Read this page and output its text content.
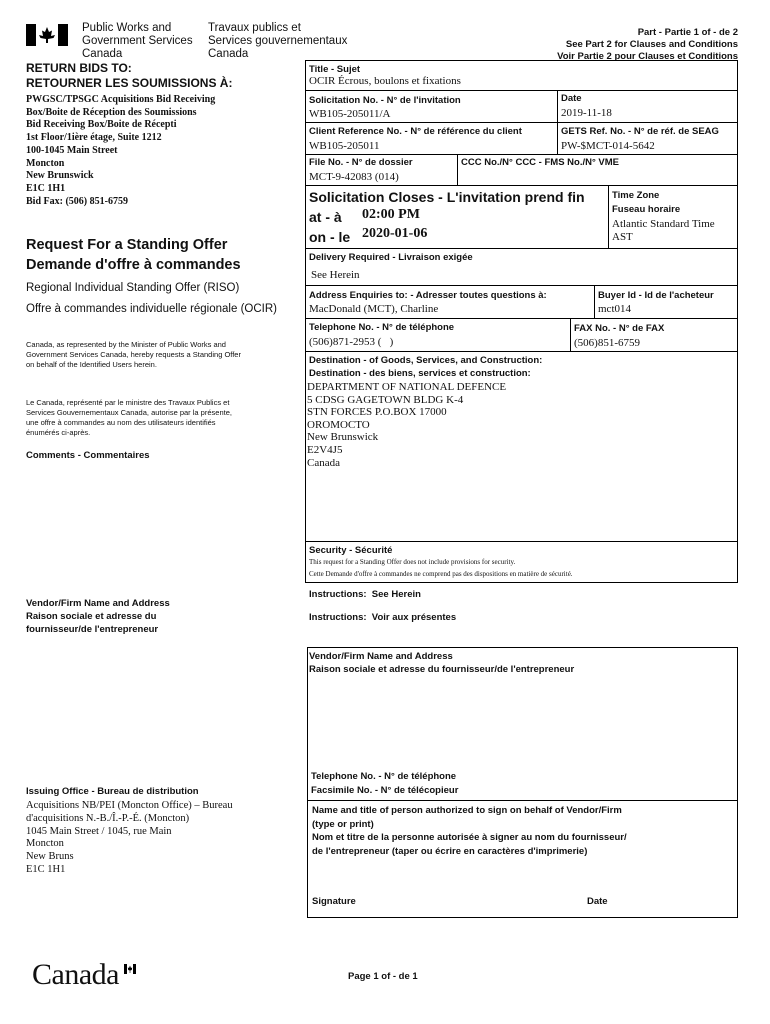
Public Works and
Government Services
Canada
Travaux publics et
Services gouvernementaux
Canada
Part - Partie 1 of - de 2
See Part 2 for Clauses and Conditions
Voir Partie 2 pour Clauses et Conditions
RETURN BIDS TO:
RETOURNER LES SOUMISSIONS À:
PWGSC/TPSGC Acquisitions Bid Receiving
Box/Boite de Réception des Soumissions
Bid Receiving Box/Boite de Récepti
1st Floor/1ière étage, Suite 1212
100-1045 Main Street
Moncton
New Brunswick
E1C 1H1
Bid Fax: (506) 851-6759
Request For a Standing Offer
Demande d'offre à commandes
Regional Individual Standing Offer (RISO)
Offre à commandes individuelle régionale (OCIR)
Canada, as represented by the Minister of Public Works and
Government Services Canada, hereby requests a Standing Offer
on behalf of the Identified Users herein.
Le Canada, représenté par le ministre des Travaux Publics et
Services Gouvernementaux Canada, autorise par la présente,
une offre à commandes au nom des utilisateurs identifiés
énumérés ci-après.
Comments - Commentaires
Vendor/Firm Name and Address
Raison sociale et adresse du
fournisseur/de l'entrepreneur
Issuing Office - Bureau de distribution
Acquisitions NB/PEI (Moncton Office) – Bureau
d'acquisitions N.-B./Î.-P.-É. (Moncton)
1045 Main Street / 1045, rue Main
Moncton
New Bruns
E1C 1H1
Title - Sujet
OCIR Écrous, boulons et fixations
Solicitation No. - N° de l'invitation
WB105-205011/A
Date
2019-11-18
Client Reference No. - N° de référence du client
WB105-205011
GETS Ref. No. - N° de réf. de SEAG
PW-$MCT-014-5642
File No. - N° de dossier
MCT-9-42083 (014)
CCC No./N° CCC - FMS No./N° VME
Solicitation Closes - L'invitation prend fin
at - à 02:00 PM
on - le 2020-01-06
Time Zone
Fuseau horaire
Atlantic Standard Time
AST
Delivery Required - Livraison exigée
See Herein
Address Enquiries to: - Adresser toutes questions à:
MacDonald (MCT), Charline
Buyer Id - Id de l'acheteur
mct014
Telephone No. - N° de téléphone
(506)871-2953 (   )
FAX No. - N° de FAX
(506)851-6759
Destination - of Goods, Services, and Construction:
Destination - des biens, services et construction:
DEPARTMENT OF NATIONAL DEFENCE
5 CDSG GAGETOWN BLDG K-4
STN FORCES P.O.BOX 17000
OROMOCTO
New Brunswick
E2V4J5
Canada
Security - Sécurité
This request for a Standing Offer does not include provisions for security.
Cette Demande d'offre à commandes ne comprend pas des dispositions en matière de sécurité.
Instructions:  See Herein
Instructions:  Voir aux présentes
Vendor/Firm Name and Address
Raison sociale et adresse du fournisseur/de l'entrepreneur
Telephone No. - N° de téléphone
Facsimile No. - N° de télécopieur
Name and title of person authorized to sign on behalf of Vendor/Firm
(type or print)
Nom et titre de la personne autorisée à signer au nom du fournisseur/
de l'entrepreneur (taper ou écrire en caractères d'imprimerie)
Signature	Date
Canada	Page 1 of - de 1
